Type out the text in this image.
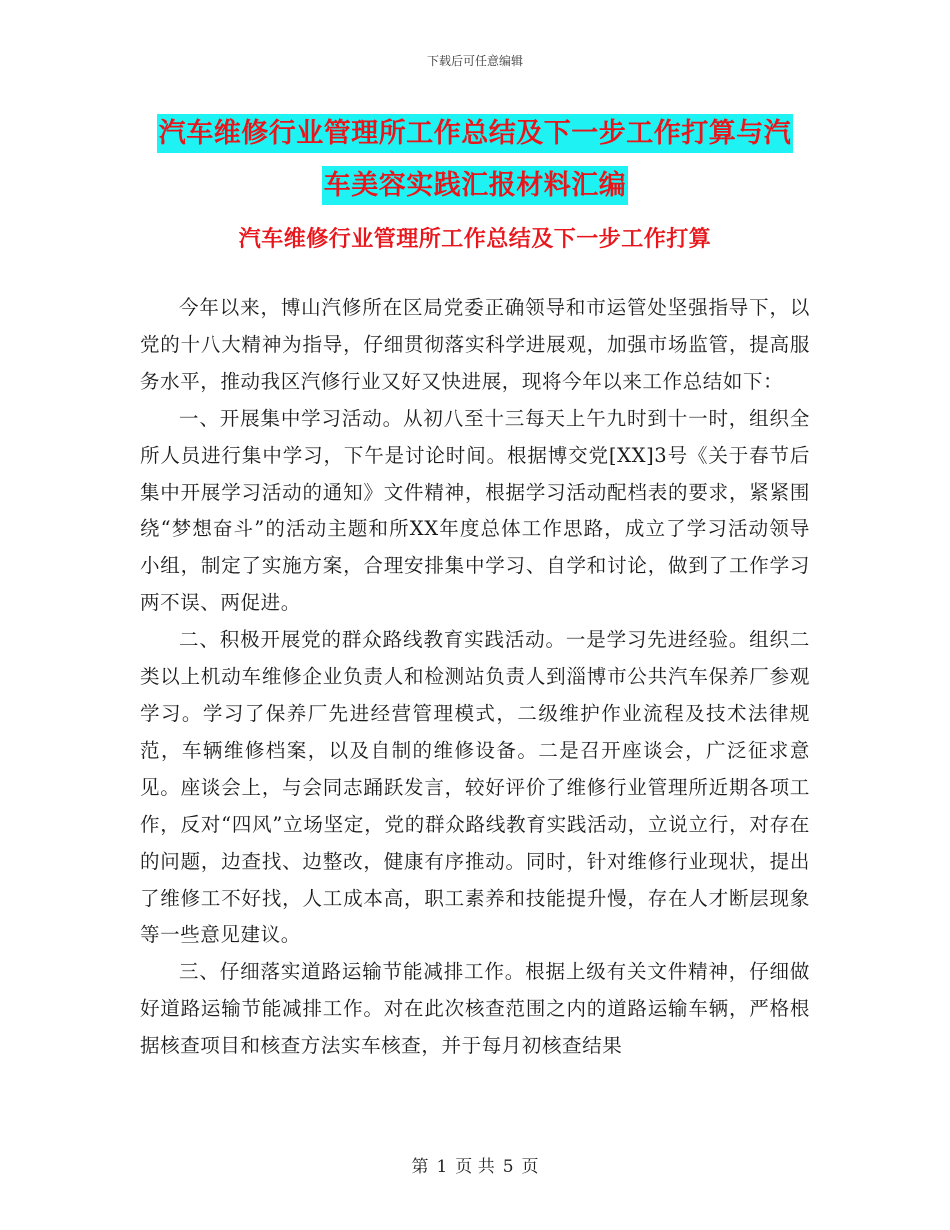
下载后可任意编辑
汽车维修行业管理所工作总结及下一步工作打算与汽
车美容实践汇报材料汇编
汽车维修行业管理所工作总结及下一步工作打算

今年以来，博山汽修所在区局党委正确领导和市运管处坚强指导下，以党的十八大精神为指导，仔细贯彻落实科学进展观，加强市场监管，提高服务水平，推动我区汽修行业又好又快进展，现将今年以来工作总结如下：

一、开展集中学习活动。从初八至十三每天上午九时到十一时，组织全所人员进行集中学习，下午是讨论时间。根据博交党[XX]3号《关于春节后集中开展学习活动的通知》文件精神，根据学习活动配档表的要求，紧紧围绕“梦想奋斗”的活动主题和所XX年度总体工作思路，成立了学习活动领导小组，制定了实施方案，合理安排集中学习、自学和讨论，做到了工作学习两不误、两促进。

二、积极开展党的群众路线教育实践活动。一是学习先进经验。组织二类以上机动车维修企业负责人和检测站负责人到淄博市公共汽车保养厂参观学习。学习了保养厂先进经营管理模式，二级维护作业流程及技术法律规范，车辆维修档案，以及自制的维修设备。二是召开座谈会，广泛征求意见。座谈会上，与会同志踊跃发言，较好评价了维修行业管理所近期各项工作，反对“四风”立场坚定，党的群众路线教育实践活动，立说立行，对存在的问题，边查找、边整改，健康有序推动。同时，针对维修行业现状，提出了维修工不好找，人工成本高，职工素养和技能提升慢，存在人才断层现象等一些意见建议。

三、仔细落实道路运输节能减排工作。根据上级有关文件精神，仔细做好道路运输节能减排工作。对在此次核查范围之内的道路运输车辆，严格根据核查项目和核查方法实车核查，并于每月初核查结果

第 1 页 共 5 页
